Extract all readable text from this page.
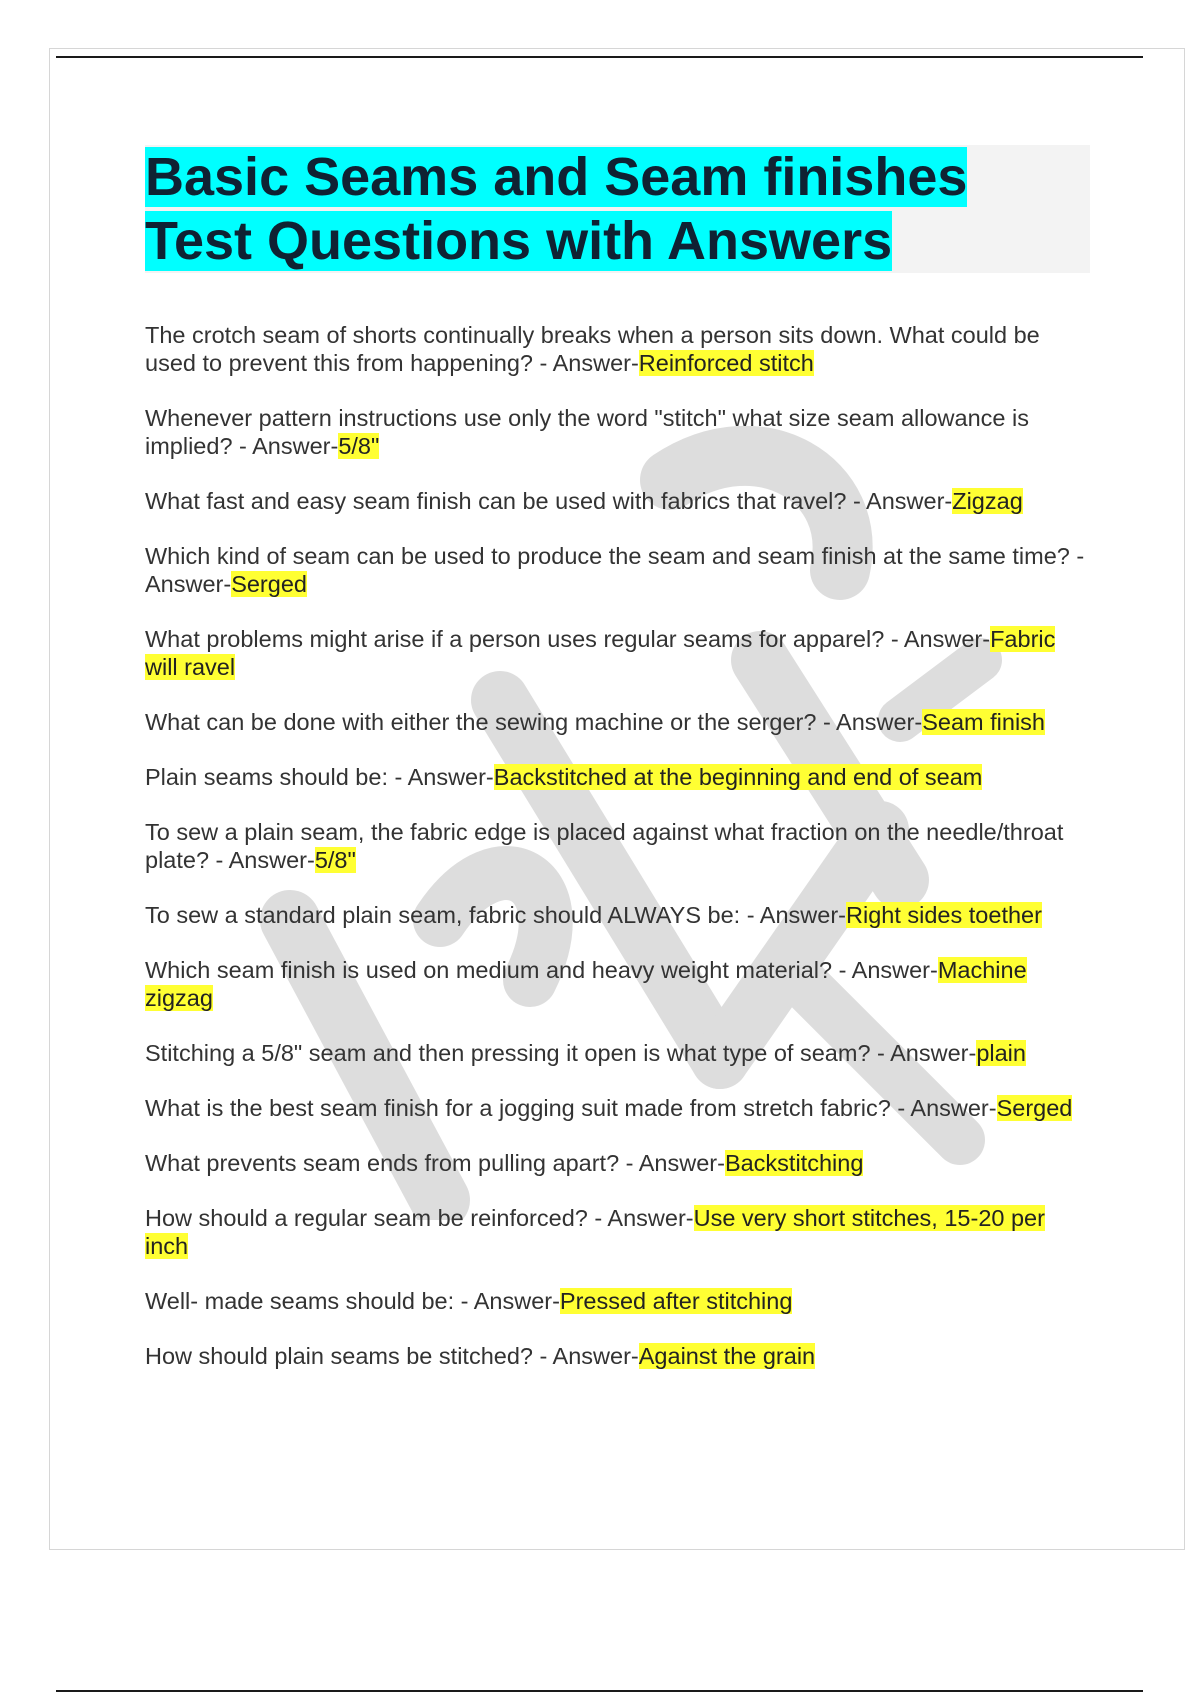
Basic Seams and Seam finishes
Test Questions with Answers
The crotch seam of shorts continually breaks when a person sits down. What could be used to prevent this from happening? - Answer-Reinforced stitch
Whenever pattern instructions use only the word "stitch" what size seam allowance is implied? - Answer-5/8"
What fast and easy seam finish can be used with fabrics that ravel? - Answer-Zigzag
Which kind of seam can be used to produce the seam and seam finish at the same time? - Answer-Serged
What problems might arise if a person uses regular seams for apparel? - Answer-Fabric will ravel
What can be done with either the sewing machine or the serger? - Answer-Seam finish
Plain seams should be: - Answer-Backstitched at the beginning and end of seam
To sew a plain seam, the fabric edge is placed against what fraction on the needle/throat plate? - Answer-5/8"
To sew a standard plain seam, fabric should ALWAYS be: - Answer-Right sides toether
Which seam finish is used on medium and heavy weight material? - Answer-Machine zigzag
Stitching a 5/8" seam and then pressing it open is what type of seam? - Answer-plain
What is the best seam finish for a jogging suit made from stretch fabric? - Answer-Serged
What prevents seam ends from pulling apart? - Answer-Backstitching
How should a regular seam be reinforced? - Answer-Use very short stitches, 15-20 per inch
Well- made seams should be: - Answer-Pressed after stitching
How should plain seams be stitched? - Answer-Against the grain
